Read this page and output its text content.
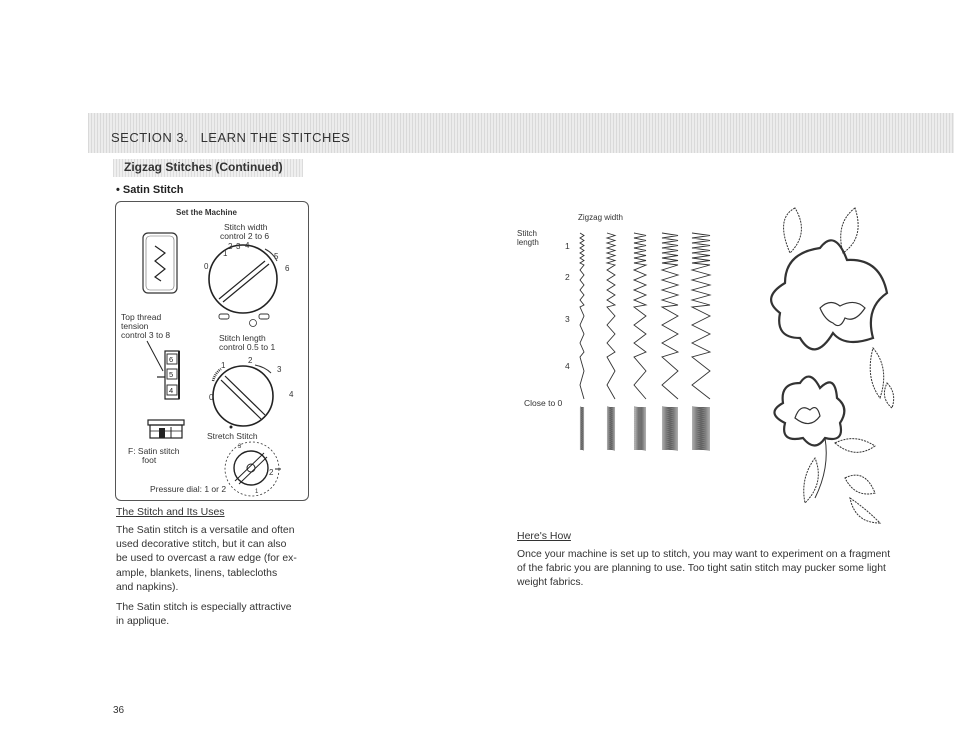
SECTION 3.   LEARN THE STITCHES
Zigzag Stitches (Continued)
• Satin Stitch
Set the Machine
Stitch width
control 2 to 6
Top thread
tension
control 3 to 8	Stitch length
control 0.5 to 1
Stretch Stitch
F: Satin stitch
foot
Pressure dial: 1 or 2
1
2 3 4
5
6
0
6
5
4
1
2
3
4
0
3
2
1
The Stitch and Its Uses
The Satin stitch is a versatile and often
used decorative stitch, but it can also
be used to overcast a raw edge (for ex-
ample, blankets, linens, tablecloths
and napkins).
The Satin stitch is especially attractive
in applique.
Zigzag width
Stitch
length	1
2
3
4
Close to 0
Here's How
Once your machine is set up to stitch, you may want to experiment on a fragment
of the fabric you are planning to use. Too tight satin stitch may pucker some light
weight fabrics.
36
